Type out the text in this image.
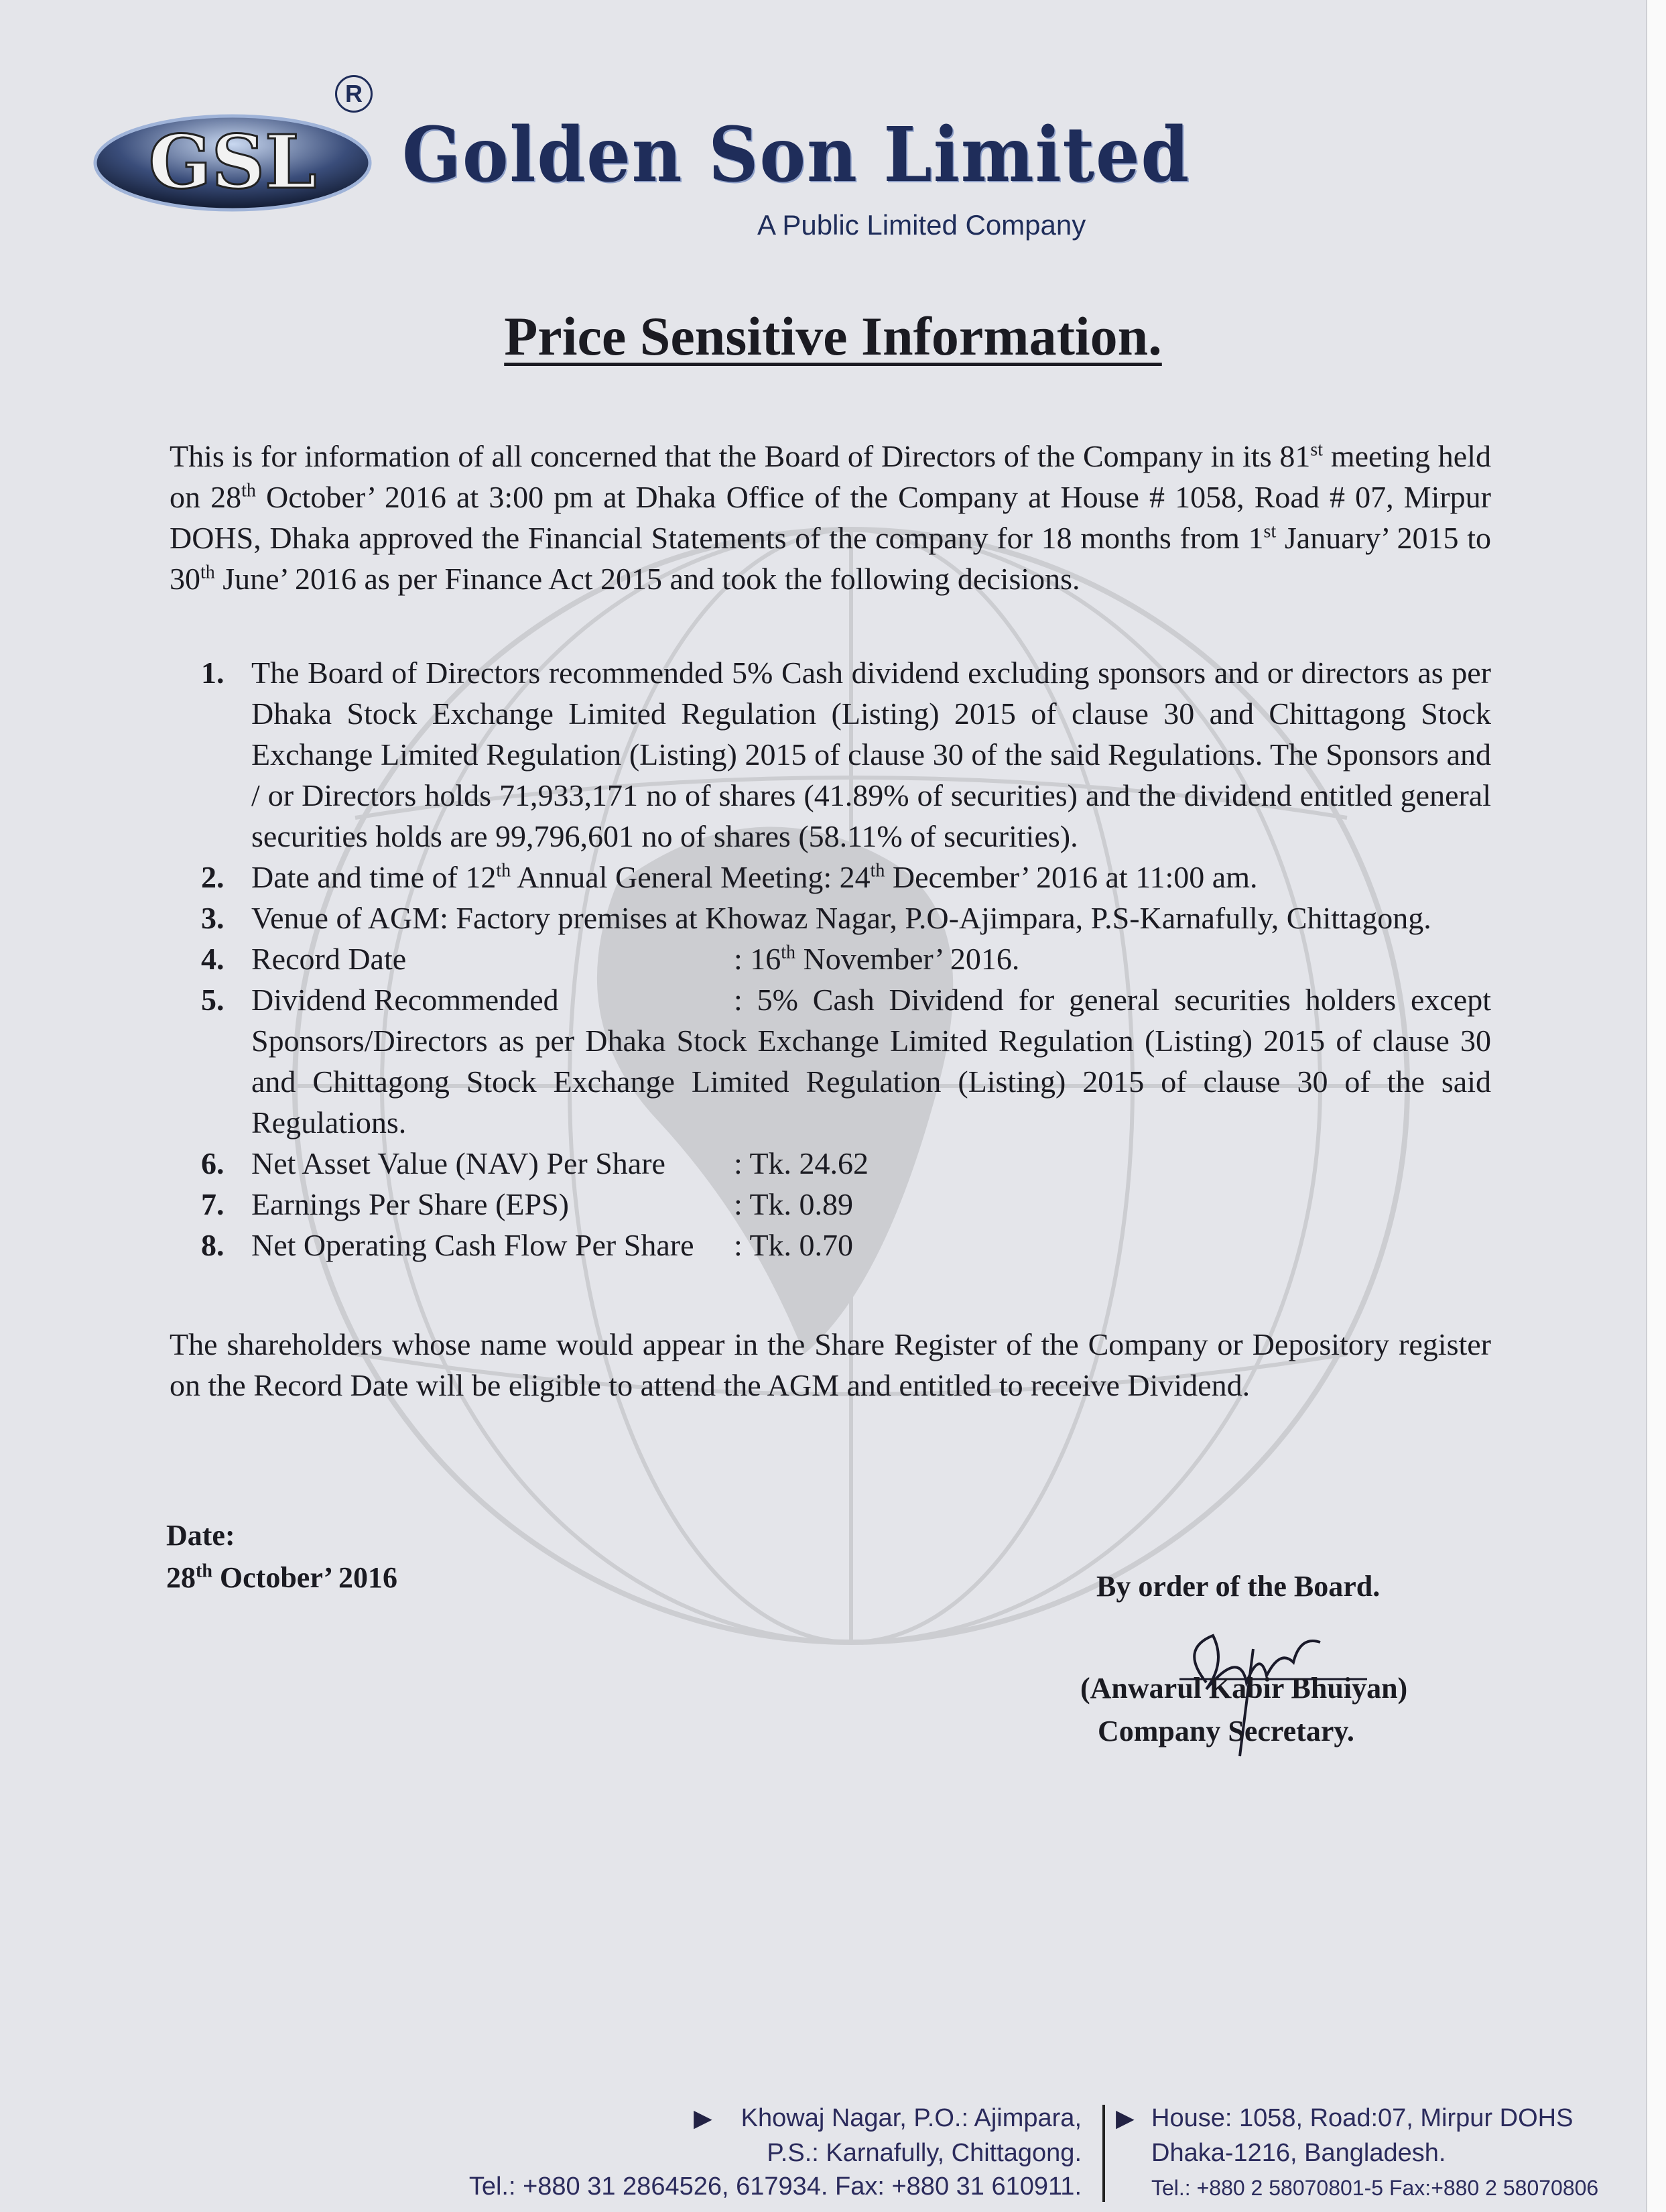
GSL
R
Golden Son Limited
A Public Limited Company
Price Sensitive Information.
This is for information of all concerned that the Board of Directors of the Company in its 81st meeting held on 28th October’ 2016 at 3:00 pm at Dhaka Office of the Company at House # 1058, Road # 07, Mirpur DOHS, Dhaka approved the Financial Statements of the company for 18 months from 1st January’ 2015 to 30th June’ 2016 as per Finance Act 2015 and took the following decisions.
1. The Board of Directors recommended 5% Cash dividend excluding sponsors and or directors as per Dhaka Stock Exchange Limited Regulation (Listing) 2015 of clause 30 and Chittagong Stock Exchange Limited Regulation (Listing) 2015 of clause 30 of the said Regulations. The Sponsors and / or Directors holds 71,933,171 no of shares (41.89% of securities) and the dividend entitled general securities holds are 99,796,601 no of shares (58.11% of securities).
2. Date and time of 12th Annual General Meeting: 24th December’ 2016 at 11:00 am.
3. Venue of AGM: Factory premises at Khowaz Nagar, P.O-Ajimpara, P.S-Karnafully, Chittagong.
4. Record Date	: 16th November’ 2016.
5. Dividend Recommended	: 5% Cash Dividend for general securities holders except Sponsors/Directors as per Dhaka Stock Exchange Limited Regulation (Listing) 2015 of clause 30 and Chittagong Stock Exchange Limited Regulation (Listing) 2015 of clause 30 of the said Regulations.
6. Net Asset Value (NAV) Per Share : Tk. 24.62
7. Earnings Per Share (EPS)	: Tk. 0.89
8. Net Operating Cash Flow Per Share : Tk. 0.70
The shareholders whose name would appear in the Share Register of the Company or Depository register on the Record Date will be eligible to attend the AGM and entitled to receive Dividend.
Date:
28th October’ 2016	By order of the Board.
(Anwarul Kabir Bhuiyan)
Company Secretary.
▶ Khowaj Nagar, P.O.: Ajimpara,
P.S.: Karnafully, Chittagong.
Tel.: +880 31 2864526, 617934. Fax: +880 31 610911.
▶ House: 1058, Road:07, Mirpur DOHS
Dhaka-1216, Bangladesh.
Tel.: +880 2 58070801-5 Fax:+880 2 58070806
